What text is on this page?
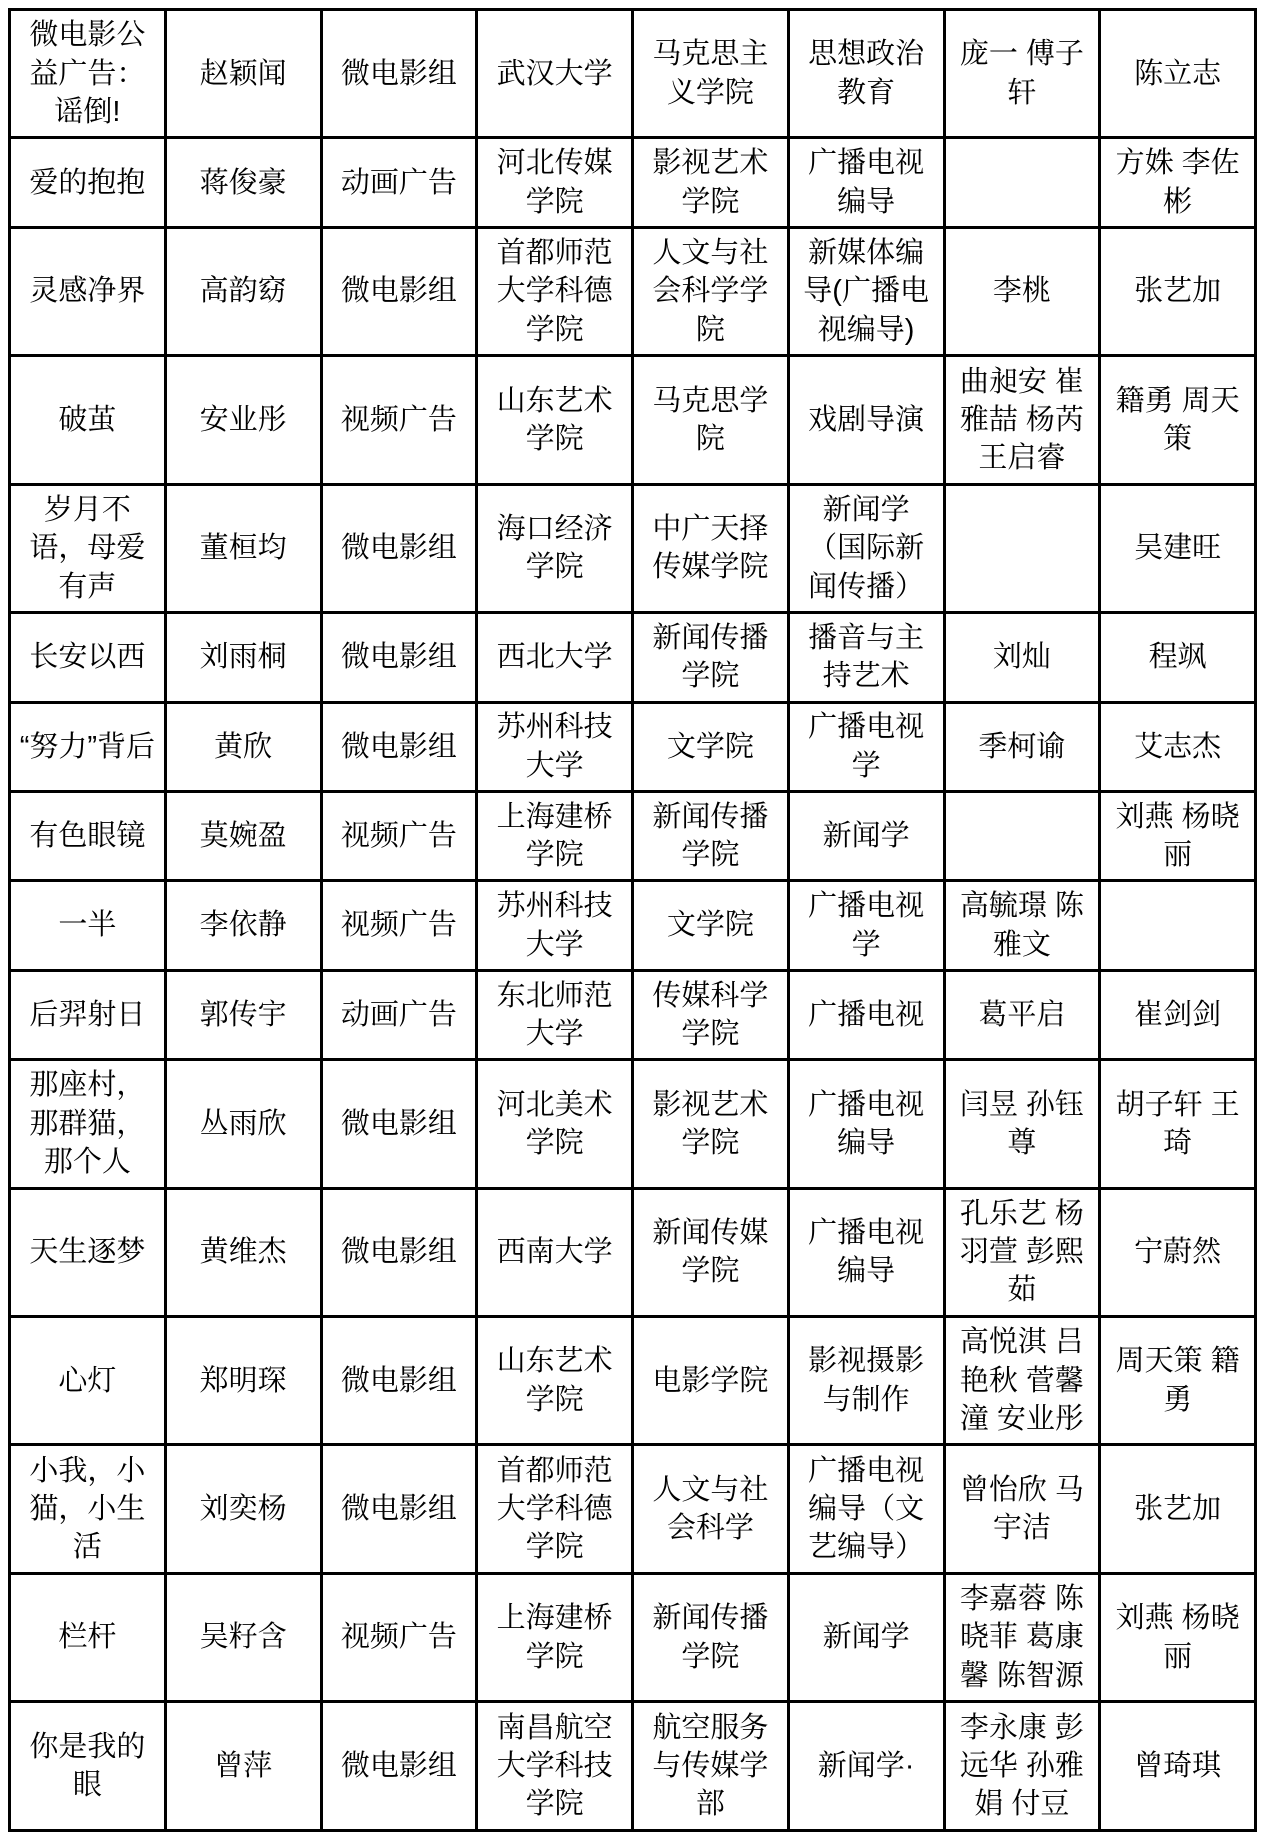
微电影公益广告：谣倒!	赵颖闻	微电影组	武汉大学	马克思主义学院	思想政治教育	庞一 傅子轩	陈立志
爱的抱抱	蒋俊豪	动画广告	河北传媒学院	影视艺术学院	广播电视编导		方姝 李佐彬
灵感净界	高韵窈	微电影组	首都师范大学科德学院	人文与社会科学学院	新媒体编导(广播电视编导)	李桃	张艺加
破茧	安业彤	视频广告	山东艺术学院	马克思学院	戏剧导演	曲昶安 崔雅喆 杨芮 王启睿	籍勇 周天策
岁月不语，母爱有声	董桓均	微电影组	海口经济学院	中广天择传媒学院	新闻学（国际新闻传播）		吴建旺
长安以西	刘雨桐	微电影组	西北大学	新闻传播学院	播音与主持艺术	刘灿	程飒
“努力”背后	黄欣	微电影组	苏州科技大学	文学院	广播电视学	季柯谕	艾志杰
有色眼镜	莫婉盈	视频广告	上海建桥学院	新闻传播学院	新闻学		刘燕 杨晓丽
一半	李依静	视频广告	苏州科技大学	文学院	广播电视学	高毓璟 陈雅文	
后羿射日	郭传宇	动画广告	东北师范大学	传媒科学学院	广播电视	葛平启	崔剑剑
那座村，那群猫，那个人	丛雨欣	微电影组	河北美术学院	影视艺术学院	广播电视编导	闫昱 孙钰尊	胡子轩 王琦
天生逐梦	黄维杰	微电影组	西南大学	新闻传媒学院	广播电视编导	孔乐艺 杨羽萱 彭熙茹	宁蔚然
心灯	郑明琛	微电影组	山东艺术学院	电影学院	影视摄影与制作	高悦淇 吕艳秋 菅馨潼 安业彤	周天策 籍勇
小我，小猫，小生活	刘奕杨	微电影组	首都师范大学科德学院	人文与社会科学	广播电视编导（文艺编导）	曾怡欣 马宇洁	张艺加
栏杆	吴籽含	视频广告	上海建桥学院	新闻传播学院	新闻学	李嘉蓉 陈晓菲 葛康馨 陈智源	刘燕 杨晓丽
你是我的眼	曾萍	微电影组	南昌航空大学科技学院	航空服务与传媒学部	新闻学·	李永康 彭远华 孙雅娟 付豆	曾琦琪
